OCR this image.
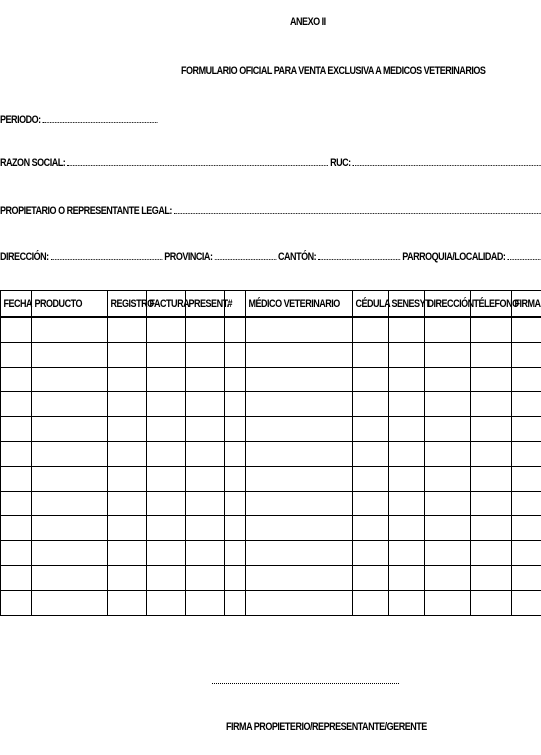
ANEXO II
FORMULARIO OFICIAL PARA VENTA EXCLUSIVA A MEDICOS VETERINARIOS
PERIODO:
RAZON SOCIAL:	RUC:
PROPIETARIO O REPRESENTANTE LEGAL:
DIRECCIÓN:	PROVINCIA:	CANTÓN:	PARROQUIA/LOCALIDAD:
FECHA	PRODUCTO	REGISTRO	FACTURA	PRESENT.	#	MÉDICO VETERINARIO	CÉDULA	SENESYT	DIRECCIÓN	TÉLEFONO	FIRMA

FIRMA PROPIETERIO/REPRESENTANTE/GERENTE
